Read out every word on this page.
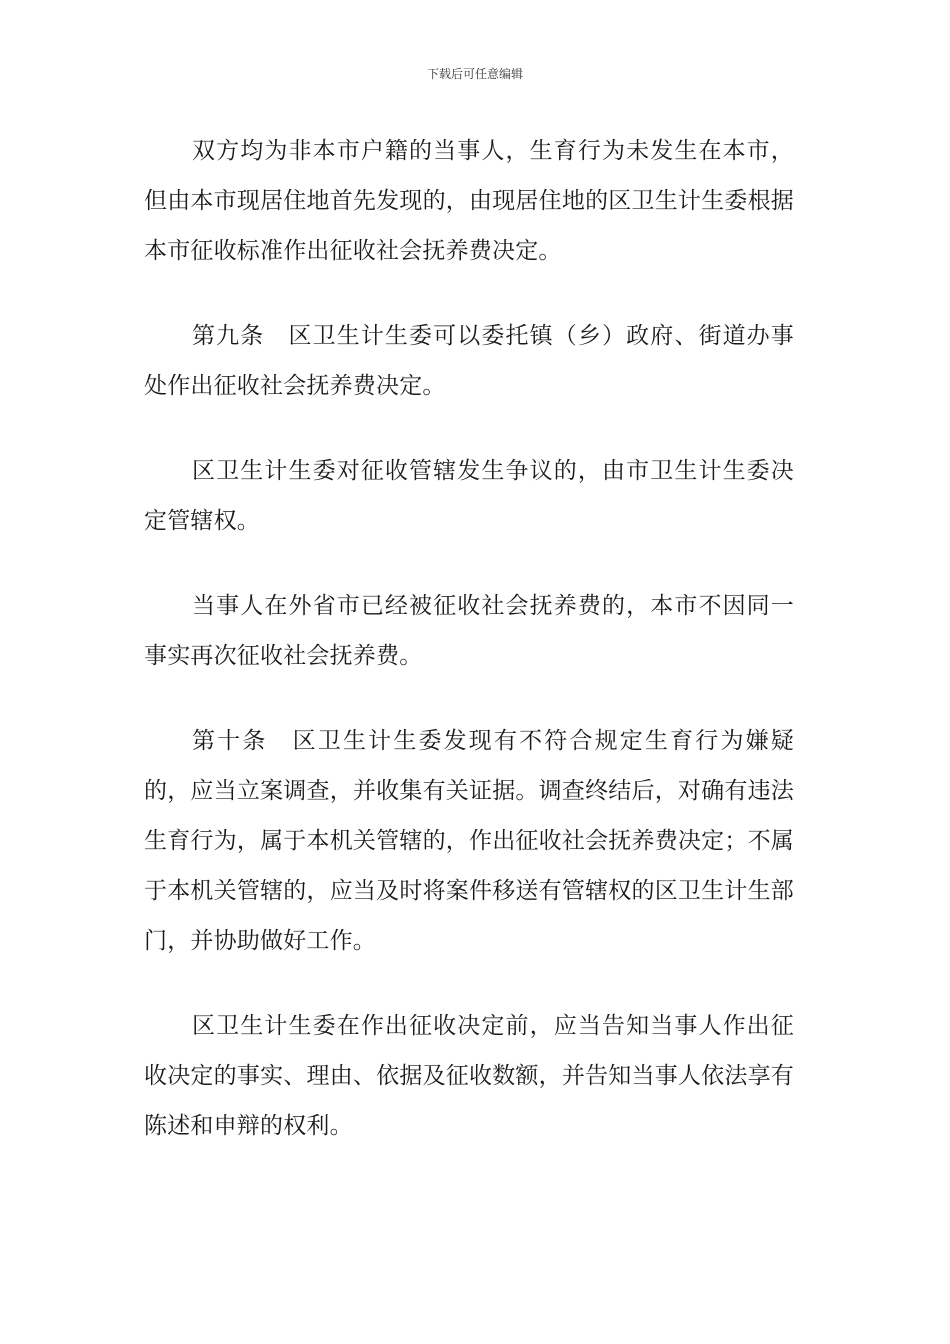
下载后可任意编辑

双方均为非本市户籍的当事人，生育行为未发生在本市，但由本市现居住地首先发现的，由现居住地的区卫生计生委根据本市征收标准作出征收社会抚养费决定。

第九条　区卫生计生委可以委托镇（乡）政府、街道办事处作出征收社会抚养费决定。

区卫生计生委对征收管辖发生争议的，由市卫生计生委决定管辖权。

当事人在外省市已经被征收社会抚养费的，本市不因同一事实再次征收社会抚养费。

第十条　区卫生计生委发现有不符合规定生育行为嫌疑的，应当立案调查，并收集有关证据。调查终结后，对确有违法生育行为，属于本机关管辖的，作出征收社会抚养费决定；不属于本机关管辖的，应当及时将案件移送有管辖权的区卫生计生部门，并协助做好工作。

区卫生计生委在作出征收决定前，应当告知当事人作出征收决定的事实、理由、依据及征收数额，并告知当事人依法享有陈述和申辩的权利。
